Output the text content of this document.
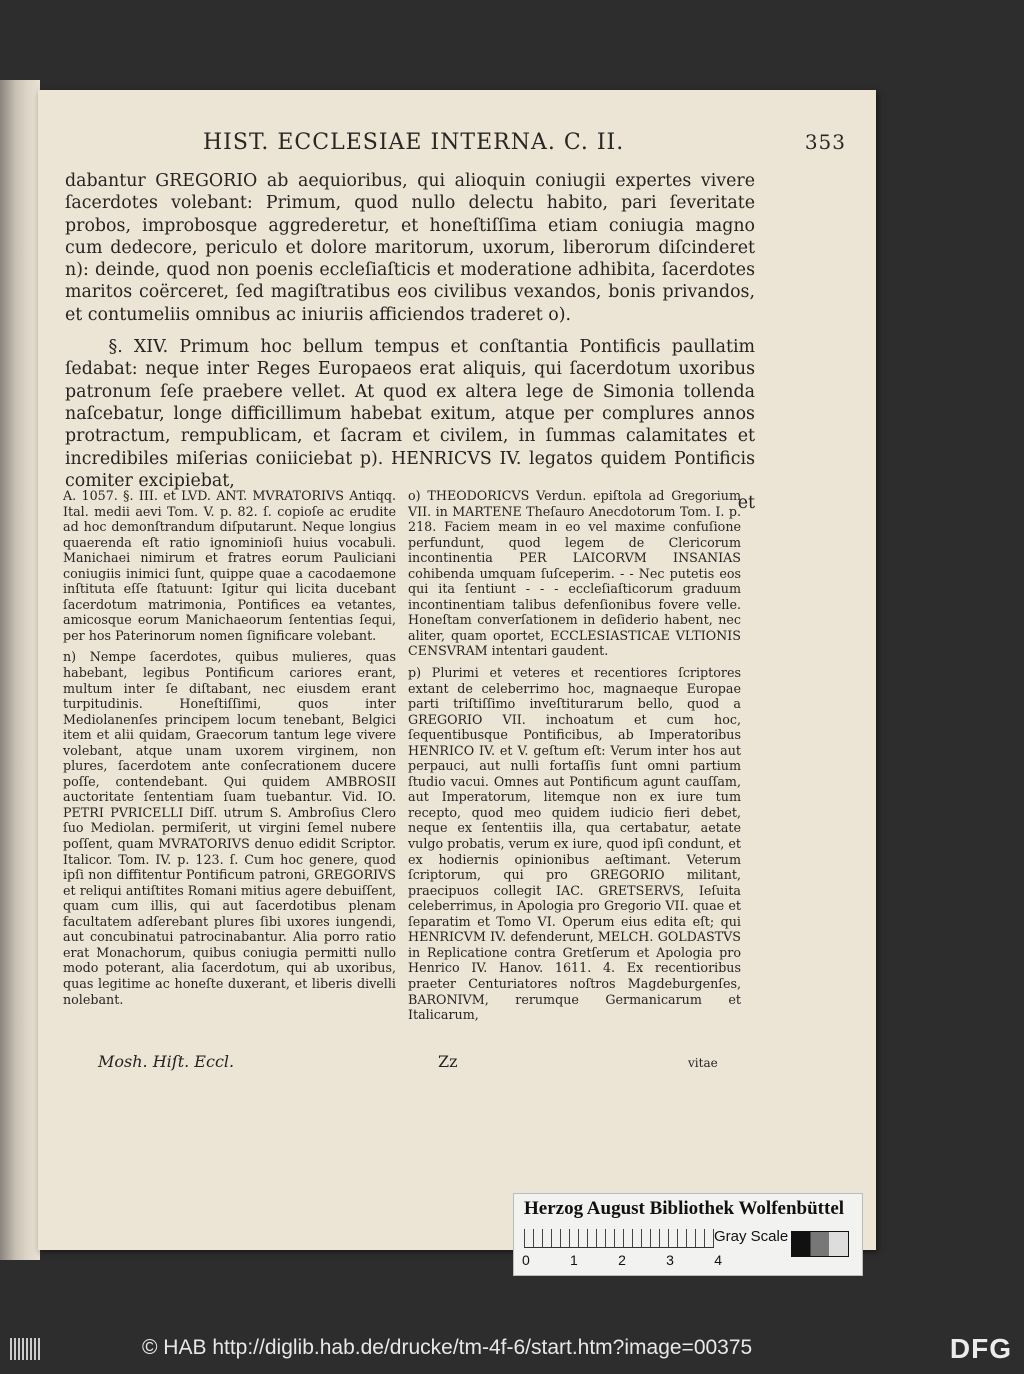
HIST. ECCLESIAE INTERNA. C. II.	353

dabantur GREGORIO ab aequioribus, qui alioquin coniugii expertes vivere ſacerdotes volebant: Primum, quod nullo delectu habito, pari ſeveritate probos, improbosque aggrederetur, et honeſtiſſima etiam coniugia magno cum dedecore, periculo et dolore maritorum, uxorum, liberorum diſcinderet n): deinde, quod non poenis eccleſiaſticis et moderatione adhibita, ſacerdotes maritos coërceret, ſed magiſtratibus eos civilibus vexandos, bonis privandos, et contumeliis omnibus ac iniuriis afficiendos traderet o).

§. XIV. Primum hoc bellum tempus et conſtantia Pontificis paullatim ſedabat: neque inter Reges Europaeos erat aliquis, qui ſacerdotum uxoribus patronum ſeſe praebere vellet. At quod ex altera lege de Simonia tollenda naſcebatur, longe difficillimum habebat exitum, atque per complures annos protractum, rempublicam, et ſacram et civilem, in ſummas calamitates et incredibiles miſerias coniiciebat p). HENRICVS IV. legatos quidem Pontificis comiter excipiebat,

et

A. 1057. §. III. et LVD. ANT. MVRATORIVS Antiqq. Ital. medii aevi Tom. V. p. 82. ſ. copioſe ac erudite ad hoc demonſtrandum diſputarunt. Neque longius quaerenda eſt ratio ignominioſi huius vocabuli. Manichaei nimirum et fratres eorum Pauliciani coniugiis inimici ſunt, quippe quae a cacodaemone inſtituta eſſe ſtatuunt: Igitur qui licita ducebant ſacerdotum matrimonia, Pontifices ea vetantes, amicosque eorum Manichaeorum ſententias ſequi, per hos Paterinorum nomen ſignificare volebant.

n) Nempe ſacerdotes, quibus mulieres, quas habebant, legibus Pontificum cariores erant, multum inter ſe diſtabant, nec eiusdem erant turpitudinis. Honeſtiſſimi, quos inter Mediolanenſes principem locum tenebant, Belgici item et alii quidam, Graecorum tantum lege vivere volebant, atque unam uxorem virginem, non plures, ſacerdotem ante conſecrationem ducere poſſe, contendebant. Qui quidem AMBROSII auctoritate ſententiam ſuam tuebantur. Vid. IO. PETRI PVRICELLI Diſſ. utrum S. Ambroſius Clero ſuo Mediolan. permiſerit, ut virgini ſemel nubere poſſent, quam MVRATORIVS denuo edidit Scriptor. Italicor. Tom. IV. p. 123. ſ. Cum hoc genere, quod ipſi non diffitentur Pontificum patroni, GREGORIVS et reliqui antiſtites Romani mitius agere debuiſſent, quam cum illis, qui aut ſacerdotibus plenam facultatem adſerebant plures ſibi uxores iungendi, aut concubinatui patrocinabantur. Alia porro ratio erat Monachorum, quibus coniugia permitti nullo modo poterant, alia ſacerdotum, qui ab uxoribus, quas legitime ac honeſte duxerant, et liberis divelli nolebant.

o) THEODORICVS Verdun. epiſtola ad Gregorium VII. in MARTENE Theſauro Anecdotorum Tom. I. p. 218. Faciem meam in eo vel maxime confuſione perfundunt, quod legem de Clericorum incontinentia PER LAICORVM INSANIAS cohibenda umquam ſuſceperim. - - Nec putetis eos qui ita ſentiunt - - - eccleſiaſticorum graduum incontinentiam talibus defenſionibus fovere velle. Honeſtam converſationem in deſiderio habent, nec aliter, quam oportet, ECCLESIASTICAE VLTIONIS CENSVRAM intentari gaudent.

p) Plurimi et veteres et recentiores ſcriptores extant de celeberrimo hoc, magnaeque Europae parti triſtiſſimo inveſtiturarum bello, quod a GREGORIO VII. inchoatum et cum hoc, ſequentibusque Pontificibus, ab Imperatoribus HENRICO IV. et V. geſtum eſt: Verum inter hos aut perpauci, aut nulli fortaſſis ſunt omni partium ſtudio vacui. Omnes aut Pontificum agunt cauſſam, aut Imperatorum, litemque non ex iure tum recepto, quod meo quidem iudicio fieri debet, neque ex ſententiis illa, qua certabatur, aetate vulgo probatis, verum ex iure, quod ipſi condunt, et ex hodiernis opinionibus aeſtimant. Veterum ſcriptorum, qui pro GREGORIO militant, praecipuos collegit IAC. GRETSERVS, Ieſuita celeberrimus, in Apologia pro Gregorio VII. quae et ſeparatim et Tomo VI. Operum eius edita eſt; qui HENRICVM IV. defenderunt, MELCH. GOLDASTVS in Replicatione contra Gretſerum et Apologia pro Henrico IV. Hanov. 1611. 4. Ex recentioribus praeter Centuriatores noſtros Magdeburgenſes, BARONIVM, rerumque Germanicarum et Italicarum,

Mosh. Hiſt. Eccl.	Zz	vitae
Herzog August Bibliothek Wolfenbüttel
0	1	2	3	4
Gray Scale
© HAB http://diglib.hab.de/drucke/tm-4f-6/start.htm?image=00375	DFG
